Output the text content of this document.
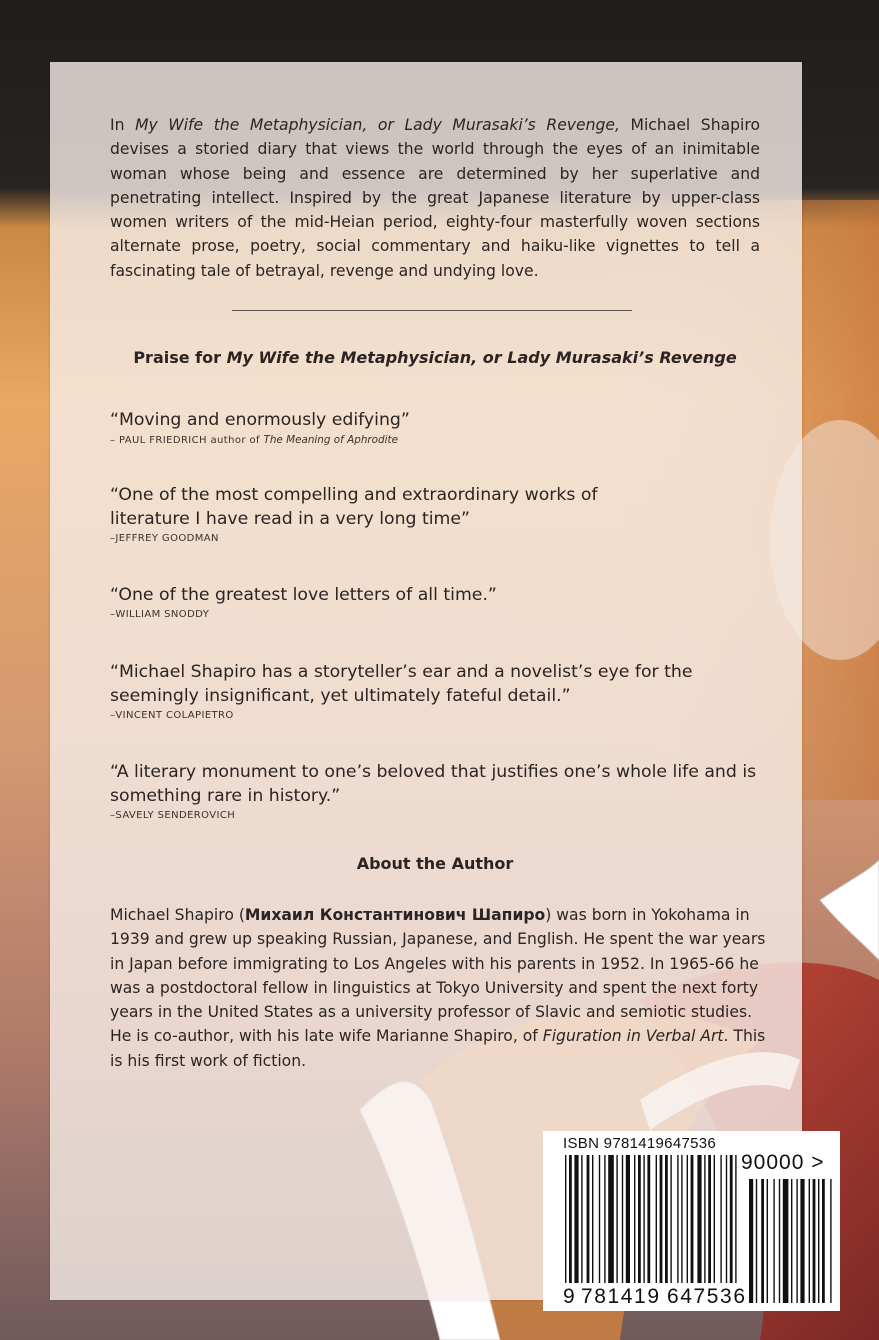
In My Wife the Metaphysician, or Lady Murasaki’s Revenge, Michael Shapiro devises a storied diary that views the world through the eyes of an inimitable woman whose being and essence are determined by her superlative and penetrating intellect. Inspired by the great Japanese literature by upper-class women writers of the mid-Heian period, eighty-four masterfully woven sections alternate prose, poetry, social commentary and haiku-like vignettes to tell a fascinating tale of betrayal, revenge and undying love.

Praise for My Wife the Metaphysician, or Lady Murasaki’s Revenge

“Moving and enormously edifying”

– PAUL FRIEDRICH author of The Meaning of Aphrodite

“One of the most compelling and extraordinary works of literature I have read in a very long time”

–JEFFREY GOODMAN

“One of the greatest love letters of all time.”

–WILLIAM SNODDY

“Michael Shapiro has a storyteller’s ear and a novelist’s eye for the seemingly insignificant, yet ultimately fateful detail.”

–VINCENT COLAPIETRO

“A literary monument to one’s beloved that justifies one’s whole life and is something rare in history.”

–SAVELY SENDEROVICH

About the Author

Michael Shapiro (Михаил Константинович Шапиро) was born in Yokohama in 1939 and grew up speaking Russian, Japanese, and English. He spent the war years in Japan before immigrating to Los Angeles with his parents in 1952. In 1965-66 he was a postdoctoral fellow in linguistics at Tokyo University and spent the next forty years in the United States as a university professor of Slavic and semiotic studies. He is co-author, with his late wife Marianne Shapiro, of Figuration in Verbal Art. This is his first work of fiction.

ISBN 9781419647536
90000 >
9 781419 647536
